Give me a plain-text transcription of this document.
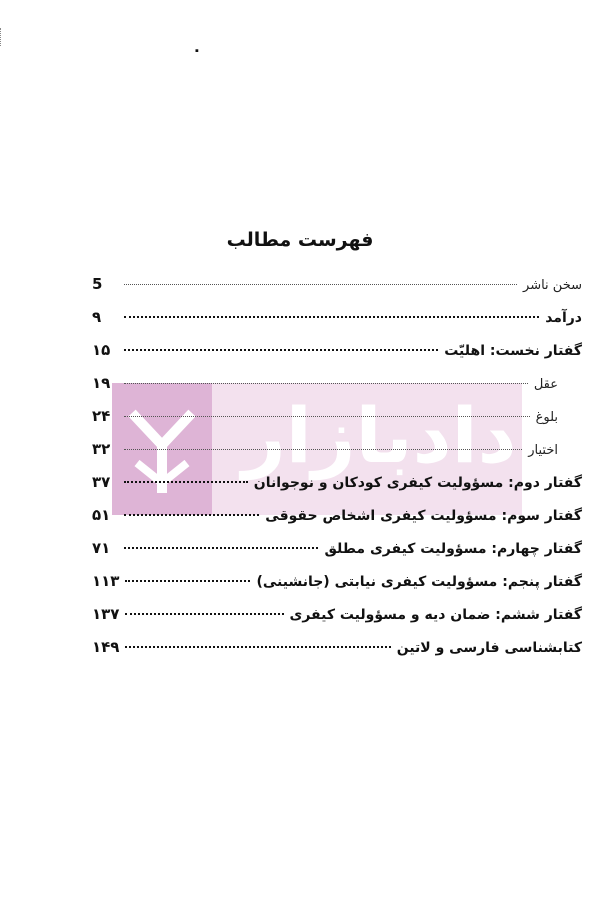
۰
دادبازار
فهرست مطالب
سخن ناشر
5
درآمد
۹
گفتار نخست: اهلیّت
۱۵
عقل
۱۹
بلوغ
۲۴
اختیار
۳۲
گفتار دوم: مسؤولیت کیفری کودکان و نوجوانان
۳۷
گفتار سوم: مسؤولیت کیفری اشخاص حقوقی
۵۱
گفتار چهارم: مسؤولیت کیفری مطلق
۷۱
گفتار پنجم: مسؤولیت کیفری نیابتی (جانشینی)
۱۱۳
گفتار ششم: ضمان دیه و مسؤولیت کیفری
۱۳۷
کتابشناسی فارسی و لاتین
۱۴۹
